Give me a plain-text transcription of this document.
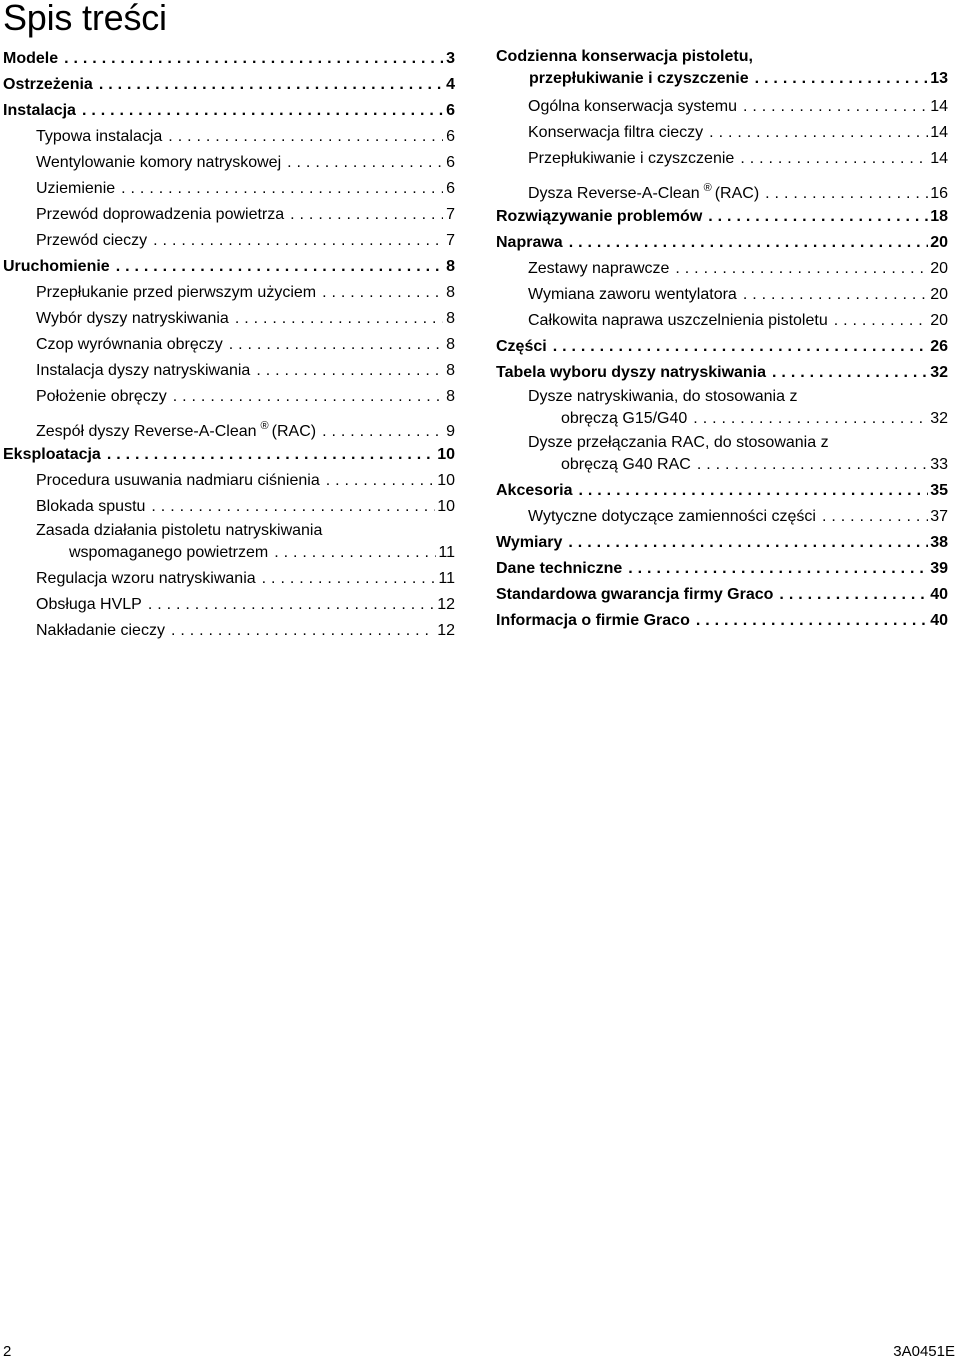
Spis treści
Modele . . .	3
Ostrzeżenia . . .	4
Instalacja . . .	6
Typowa instalacja . . .	6
Wentylowanie komory natryskowej . . .	6
Uziemienie . . .	6
Przewód doprowadzenia powietrza . . .	7
Przewód cieczy . . .	7
Uruchomienie . . .	8
Przepłukanie przed pierwszym użyciem . . .	8
Wybór dyszy natryskiwania . . .	8
Czop wyrównania obręczy . . .	8
Instalacja dyszy natryskiwania . . .	8
Położenie obręczy . . .	8
Zespół dyszy Reverse-A-Clean ® (RAC) . . .	9
Eksploatacja . . .	10
Procedura usuwania nadmiaru ciśnienia . . .	10
Blokada spustu . . .	10
Zasada działania pistoletu natryskiwania
wspomaganego powietrzem . . .	11
Regulacja wzoru natryskiwania . . .	11
Obsługa HVLP . . .	12
Nakładanie cieczy . . .	12
Codzienna konserwacja pistoletu,
przepłukiwanie i czyszczenie . . .	13
Ogólna konserwacja systemu . . .	14
Konserwacja filtra cieczy . . .	14
Przepłukiwanie i czyszczenie . . .	14
Dysza Reverse-A-Clean ® (RAC) . . .	16
Rozwiązywanie problemów . . .	18
Naprawa . . .	20
Zestawy naprawcze . . .	20
Wymiana zaworu wentylatora . . .	20
Całkowita naprawa uszczelnienia pistoletu . . .	20
Części . . .	26
Tabela wyboru dyszy natryskiwania . . .	32
Dysze natryskiwania, do stosowania z
obręczą G15/G40 . . .	32
Dysze przełączania RAC, do stosowania z
obręczą G40 RAC . . .	33
Akcesoria . . .	35
Wytyczne dotyczące zamienności części . . .	37
Wymiary . . .	38
Dane techniczne . . .	39
Standardowa gwarancja firmy Graco . . .	40
Informacja o firmie Graco . . .	40
2	3A0451E
